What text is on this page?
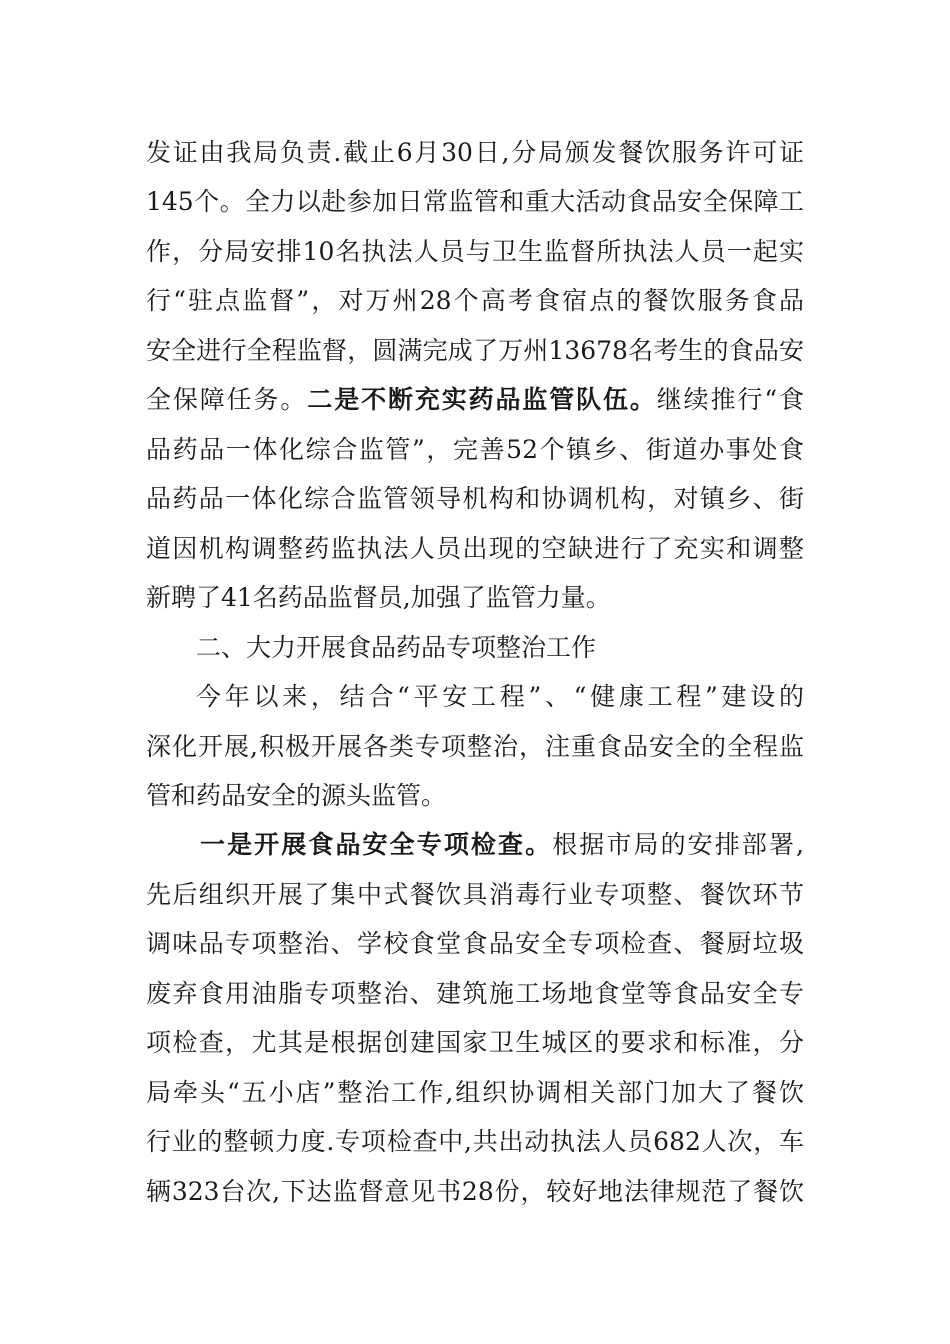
发证由我局负责.截止6月30日,分局颁发餐饮服务许可证
145个。全力以赴参加日常监管和重大活动食品安全保障工
作，分局安排10名执法人员与卫生监督所执法人员一起实
行“驻点监督”，对万州28个高考食宿点的餐饮服务食品
安全进行全程监督，圆满完成了万州13678名考生的食品安
全保障任务。二是不断充实药品监管队伍。继续推行“食
品药品一体化综合监管”，完善52个镇乡、街道办事处食
品药品一体化综合监管领导机构和协调机构，对镇乡、街
道因机构调整药监执法人员出现的空缺进行了充实和调整
新聘了41名药品监督员,加强了监管力量。
二、大力开展食品药品专项整治工作
今年以来，结合“平安工程”、“健康工程”建设的
深化开展,积极开展各类专项整治，注重食品安全的全程监
管和药品安全的源头监管。
一是开展食品安全专项检查。根据市局的安排部署,
先后组织开展了集中式餐饮具消毒行业专项整、餐饮环节
调味品专项整治、学校食堂食品安全专项检查、餐厨垃圾
废弃食用油脂专项整治、建筑施工场地食堂等食品安全专
项检查，尤其是根据创建国家卫生城区的要求和标准，分
局牵头“五小店”整治工作,组织协调相关部门加大了餐饮
行业的整顿力度.专项检查中,共出动执法人员682人次，车
辆323台次,下达监督意见书28份，较好地法律规范了餐饮
